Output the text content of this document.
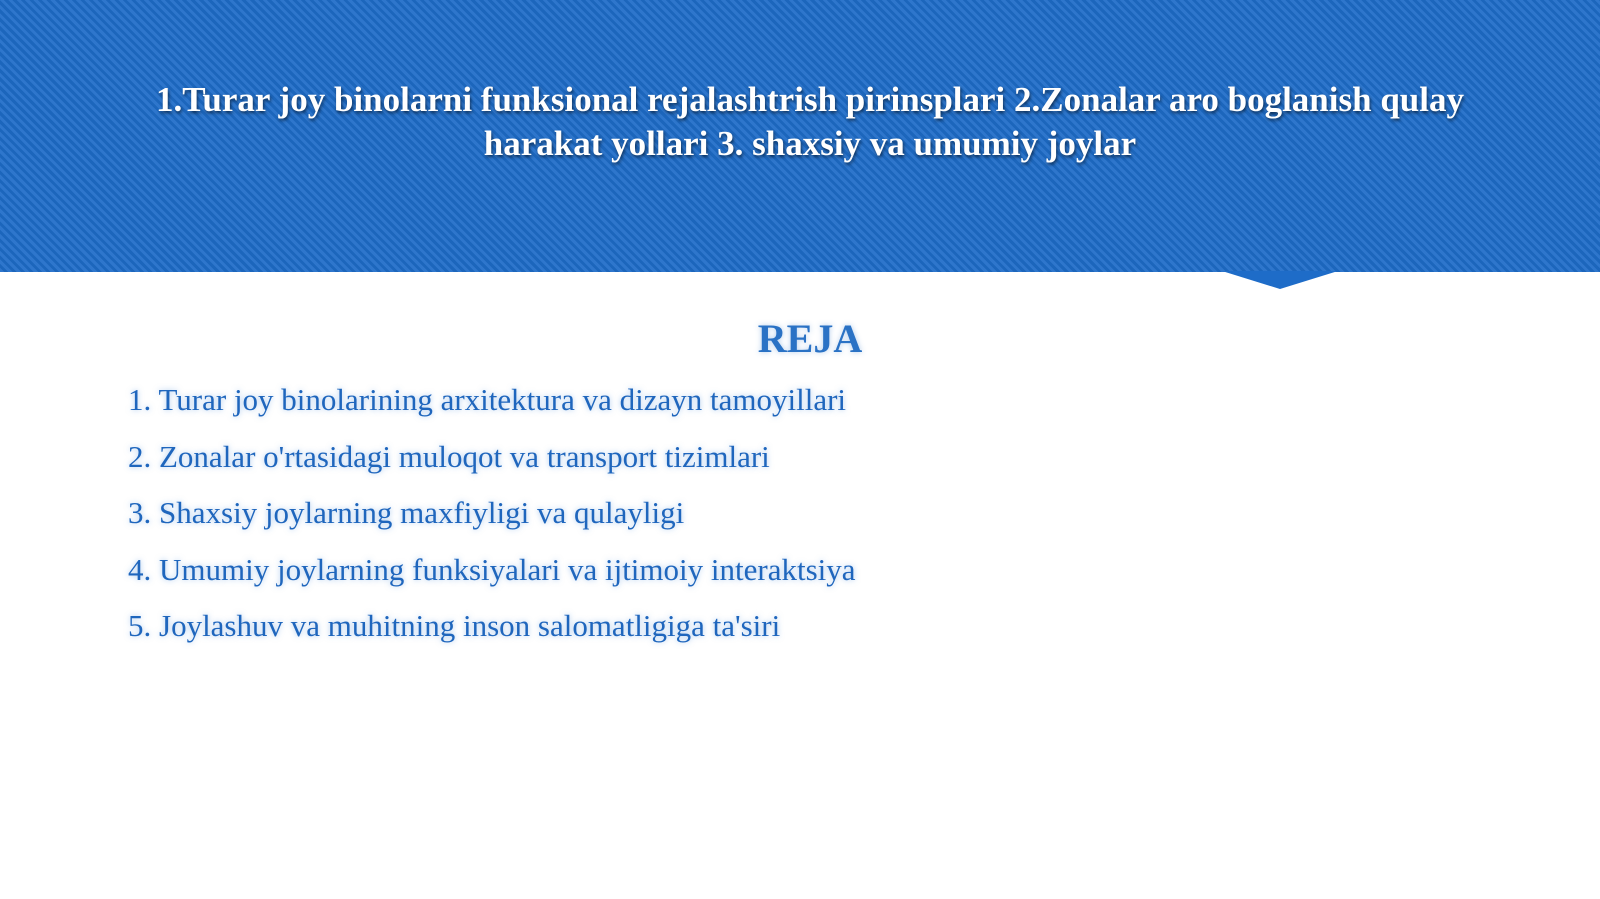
1.Turar joy binolarni funksional rejalashtrish pirinsplari 2.Zonalar aro boglanish qulay harakat yollari 3. shaxsiy va umumiy joylar
REJA
1. Turar joy binolarining arxitektura va dizayn tamoyillari
2. Zonalar o'rtasidagi muloqot va transport tizimlari
3. Shaxsiy joylarning maxfiyligi va qulayligi
4. Umumiy joylarning funksiyalari va ijtimoiy interaktsiya
5. Joylashuv va muhitning inson salomatligiga ta'siri
